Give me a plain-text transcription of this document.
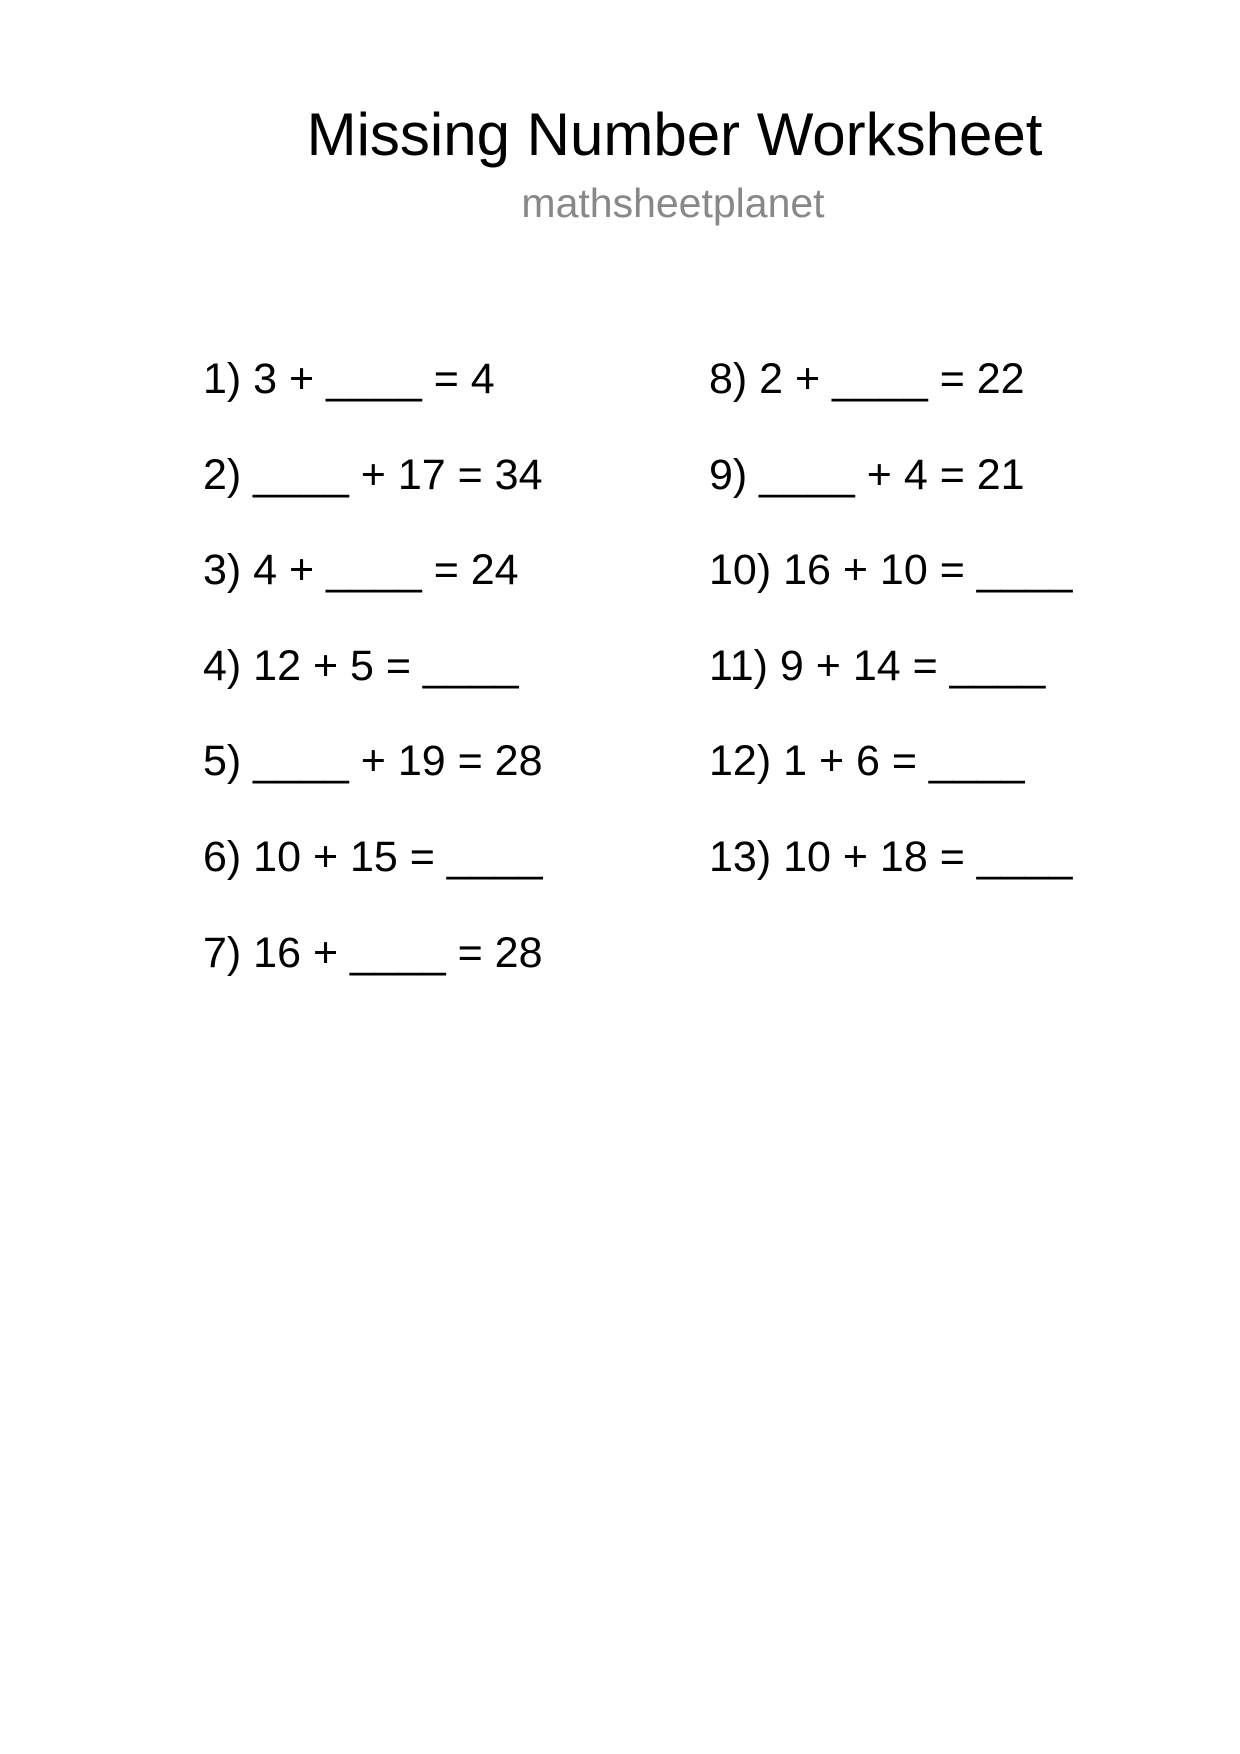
Missing Number Worksheet
mathsheetplanet
1) 3 + ____ = 4
2) ____ + 17 = 34
3) 4 + ____ = 24
4) 12 + 5 = ____
5) ____ + 19 = 28
6) 10 + 15 = ____
7) 16 + ____ = 28
8) 2 + ____ = 22
9) ____ + 4 = 21
10) 16 + 10 = ____
11) 9 + 14 = ____
12) 1 + 6 = ____
13) 10 + 18 = ____
